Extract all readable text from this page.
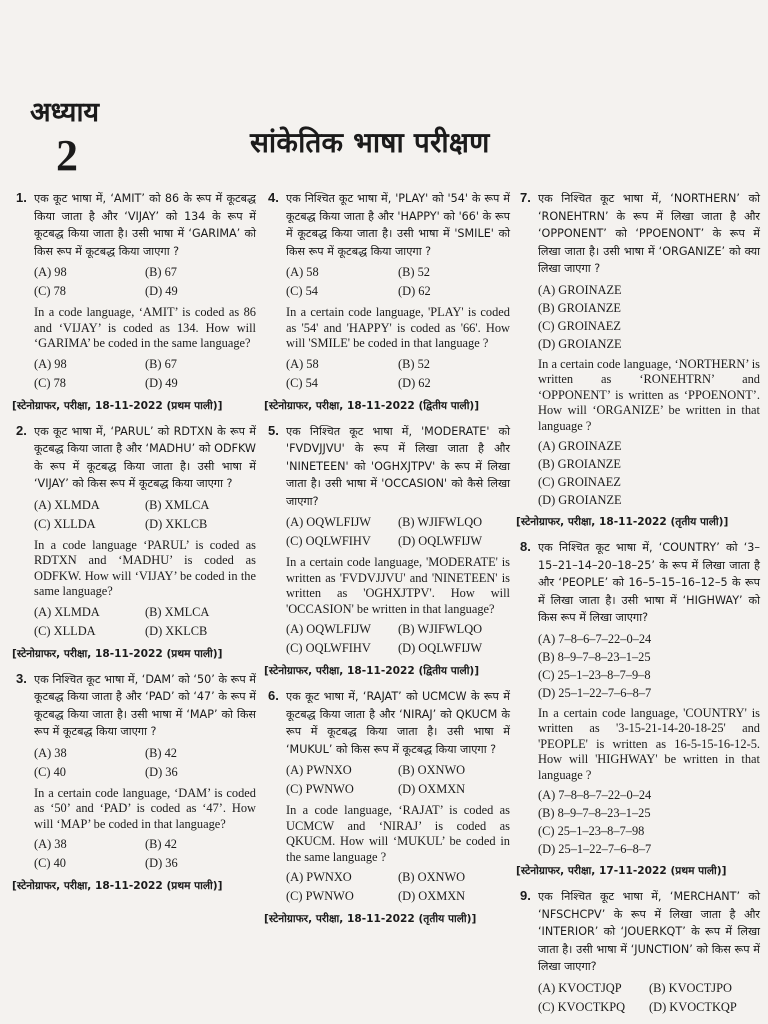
अध्याय
2	सांकेतिक भाषा परीक्षण
1. एक कूट भाषा में, ‘AMIT’ को 86 के रूप में कूटबद्ध किया जाता है और ‘VIJAY’ को 134 के रूप में कूटबद्ध किया जाता है। उसी भाषा में ‘GARIMA’ को किस रूप में कूटबद्ध किया जाएगा ?
(A) 98	(B) 67
(C) 78	(D) 49
In a code language, ‘AMIT’ is coded as 86 and ‘VIJAY’ is coded as 134. How will ‘GARIMA’ be coded in the same language?
(A) 98	(B) 67
(C) 78	(D) 49
[स्टेनोग्राफर, परीक्षा, 18-11-2022 (प्रथम पाली)]
2. एक कूट भाषा में, ‘PARUL’ को RDTXN के रूप में कूटबद्ध किया जाता है और ‘MADHU’ को ODFKW के रूप में कूटबद्ध किया जाता है। उसी भाषा में ‘VIJAY’ को किस रूप में कूटबद्ध किया जाएगा ?
(A) XLMDA	(B) XMLCA
(C) XLLDA	(D) XKLCB
In a code language ‘PARUL’ is coded as RDTXN and ‘MADHU’ is coded as ODFKW. How will ‘VIJAY’ be coded in the same language?
(A) XLMDA	(B) XMLCA
(C) XLLDA	(D) XKLCB
[स्टेनोग्राफर, परीक्षा, 18-11-2022 (प्रथम पाली)]
3. एक निश्चित कूट भाषा में, ‘DAM’ को ‘50’ के रूप में कूटबद्ध किया जाता है और ‘PAD’ को ‘47’ के रूप में कूटबद्ध किया जाता है। उसी भाषा में ‘MAP’ को किस रूप में कूटबद्ध किया जाएगा ?
(A) 38	(B) 42
(C) 40	(D) 36
In a certain code language, ‘DAM’ is coded as ‘50’ and ‘PAD’ is coded as ‘47’. How will ‘MAP’ be coded in that language?
(A) 38	(B) 42
(C) 40	(D) 36
[स्टेनोग्राफर, परीक्षा, 18-11-2022 (प्रथम पाली)]
4. एक निश्चित कूट भाषा में, 'PLAY' को '54' के रूप में कूटबद्ध किया जाता है और 'HAPPY' को '66' के रूप में कूटबद्ध किया जाता है। उसी भाषा में 'SMILE' को किस रूप में कूटबद्ध किया जाएगा ?
(A) 58	(B) 52
(C) 54	(D) 62
In a certain code language, 'PLAY' is coded as '54' and 'HAPPY' is coded as '66'. How will 'SMILE' be coded in that language ?
(A) 58	(B) 52
(C) 54	(D) 62
[स्टेनोग्राफर, परीक्षा, 18-11-2022 (द्वितीय पाली)]
5. एक निश्चित कूट भाषा में, 'MODERATE' को 'FVDVJJVU' के रूप में लिखा जाता है और 'NINETEEN' को 'OGHXJTPV' के रूप में लिखा जाता है। उसी भाषा में 'OCCASION' को कैसे लिखा जाएगा?
(A) OQWLFIJW	(B) WJIFWLQO
(C) OQLWFIHV	(D) OQLWFIJW
In a certain code language, 'MODERATE' is written as 'FVDVJJVU' and 'NINETEEN' is written as 'OGHXJTPV'. How will 'OCCASION' be written in that language?
(A) OQWLFIJW	(B) WJIFWLQO
(C) OQLWFIHV	(D) OQLWFIJW
[स्टेनोग्राफर, परीक्षा, 18-11-2022 (द्वितीय पाली)]
6. एक कूट भाषा में, ‘RAJAT’ को UCMCW के रूप में कूटबद्ध किया जाता है और ‘NIRAJ’ को QKUCM के रूप में कूटबद्ध किया जाता है। उसी भाषा में ‘MUKUL’ को किस रूप में कूटबद्ध किया जाएगा ?
(A) PWNXO	(B) OXNWO
(C) PWNWO	(D) OXMXN
In a code language, ‘RAJAT’ is coded as UCMCW and ‘NIRAJ’ is coded as QKUCM. How will ‘MUKUL’ be coded in the same language ?
(A) PWNXO	(B) OXNWO
(C) PWNWO	(D) OXMXN
[स्टेनोग्राफर, परीक्षा, 18-11-2022 (तृतीय पाली)]
7. एक निश्चित कूट भाषा में, ‘NORTHERN’ को ‘RONEHTRN’ के रूप में लिखा जाता है और ‘OPPONENT’ को ‘PPOENONT’ के रूप में लिखा जाता है। उसी भाषा में ‘ORGANIZE’ को क्या लिखा जाएगा ?
(A) GROINAZE
(B) GROIANZE
(C) GROINAEZ
(D) GROIANZE
In a certain code language, ‘NORTHERN’ is written as ‘RONEHTRN’ and ‘OPPONENT’ is written as ‘PPOENONT’. How will ‘ORGANIZE’ be written in that language ?
(A) GROINAZE
(B) GROIANZE
(C) GROINAEZ
(D) GROIANZE
[स्टेनोग्राफर, परीक्षा, 18-11-2022 (तृतीय पाली)]
8. एक निश्चित कूट भाषा में, ‘COUNTRY’ को ‘3–15–21–14–20–18–25’ के रूप में लिखा जाता है और ‘PEOPLE’ को 16–5–15–16–12–5 के रूप में लिखा जाता है। उसी भाषा में ‘HIGHWAY’ को किस रूप में लिखा जाएगा?
(A) 7–8–6–7–22–0–24
(B) 8–9–7–8–23–1–25
(C) 25–1–23–8–7–9–8
(D) 25–1–22–7–6–8–7
In a certain code language, 'COUNTRY' is written as '3-15-21-14-20-18-25' and 'PEOPLE' is written as 16-5-15-16-12-5. How will 'HIGHWAY' be written in that language ?
(A) 7–8–8–7–22–0–24
(B) 8–9–7–8–23–1–25
(C) 25–1–23–8–7–98
(D) 25–1–22–7–6–8–7
[स्टेनोग्राफर, परीक्षा, 17-11-2022 (प्रथम पाली)]
9. एक निश्चित कूट भाषा में, ‘MERCHANT’ को ‘NFSCHCPV’ के रूप में लिखा जाता है और ‘INTERIOR’ को ‘JOUERKQT’ के रूप में लिखा जाता है। उसी भाषा में ‘JUNCTION’ को किस रूप में लिखा जाएगा?
(A) KVOCTJQP	(B) KVOCTJPO
(C) KVOCTKPQ	(D) KVOCTKQP
